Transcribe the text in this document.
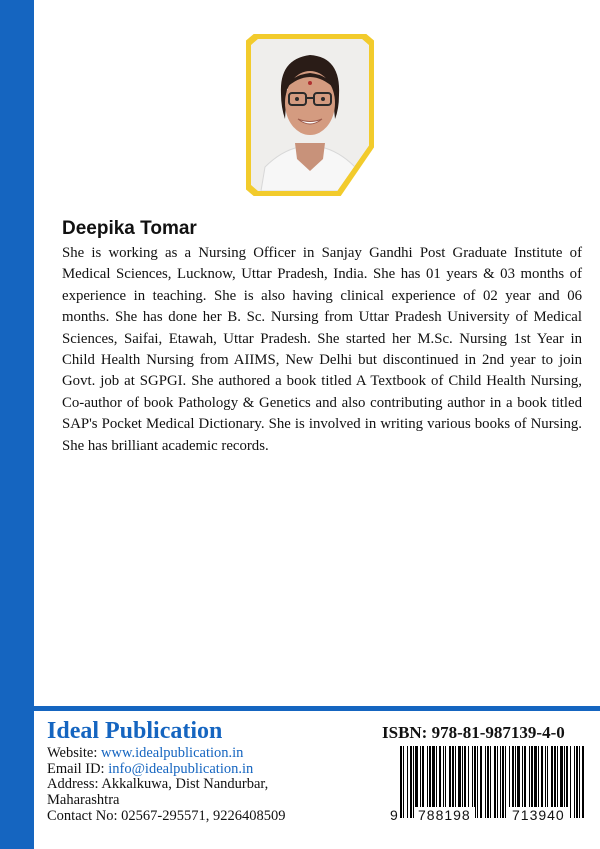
Deepika Tomar

She is working as a Nursing Officer in Sanjay Gandhi Post Graduate Institute of Medical Sciences, Lucknow, Uttar Pradesh, India. She has 01 years & 03 months of experience in teaching. She is also having clinical experience of 02 year and 06 months. She has done her B. Sc. Nursing from Uttar Pradesh University of Medical Sciences, Saifai, Etawah, Uttar Pradesh. She started her M.Sc. Nursing 1st Year in Child Health Nursing from AIIMS, New Delhi but discontinued in 2nd year to join Govt. job at SGPGI. She authored a book titled A Textbook of Child Health Nursing, Co-author of book Pathology & Genetics and also contributing author in a book titled SAP's Pocket Medical Dictionary. She is involved in writing various books of Nursing. She has brilliant academic records.

Ideal Publication
Website: www.idealpublication.in
Email ID: info@idealpublication.in
Address: Akkalkuwa, Dist Nandurbar, Maharashtra
Contact No: 02567-295571, 9226408509
ISBN: 978-81-987139-4-0
9 788198	713940
